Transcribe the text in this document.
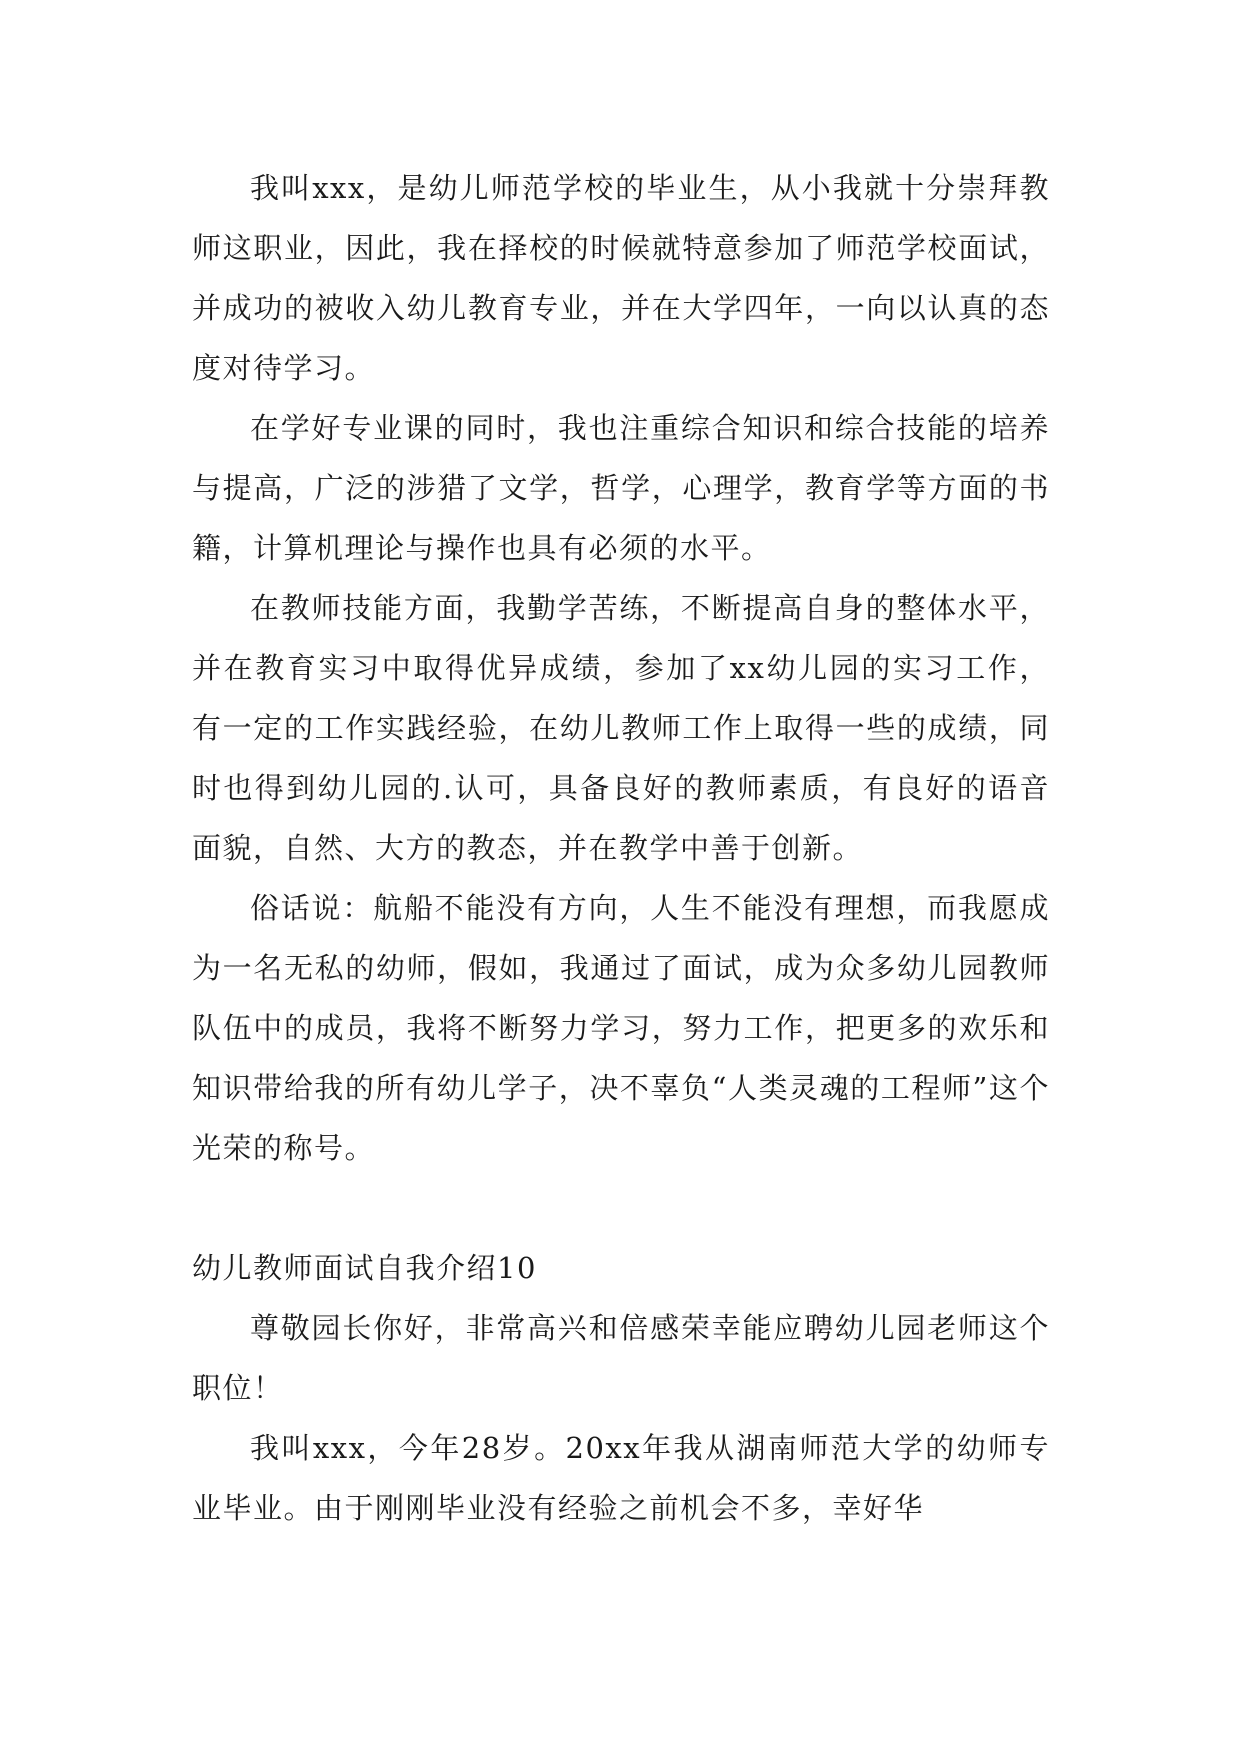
我叫xxx，是幼儿师范学校的毕业生，从小我就十分崇拜教师这职业，因此，我在择校的时候就特意参加了师范学校面试，并成功的被收入幼儿教育专业，并在大学四年，一向以认真的态度对待学习。

在学好专业课的同时，我也注重综合知识和综合技能的培养与提高，广泛的涉猎了文学，哲学，心理学，教育学等方面的书籍，计算机理论与操作也具有必须的水平。

在教师技能方面，我勤学苦练，不断提高自身的整体水平，并在教育实习中取得优异成绩，参加了xx幼儿园的实习工作，有一定的工作实践经验，在幼儿教师工作上取得一些的成绩，同时也得到幼儿园的.认可，具备良好的教师素质，有良好的语音面貌，自然、大方的教态，并在教学中善于创新。

俗话说：航船不能没有方向，人生不能没有理想，而我愿成为一名无私的幼师，假如，我通过了面试，成为众多幼儿园教师队伍中的成员，我将不断努力学习，努力工作，把更多的欢乐和知识带给我的所有幼儿学子，决不辜负“人类灵魂的工程师”这个光荣的称号。

幼儿教师面试自我介绍10

尊敬园长你好，非常高兴和倍感荣幸能应聘幼儿园老师这个职位！

我叫xxx，今年28岁。20xx年我从湖南师范大学的幼师专业毕业。由于刚刚毕业没有经验之前机会不多，幸好华
